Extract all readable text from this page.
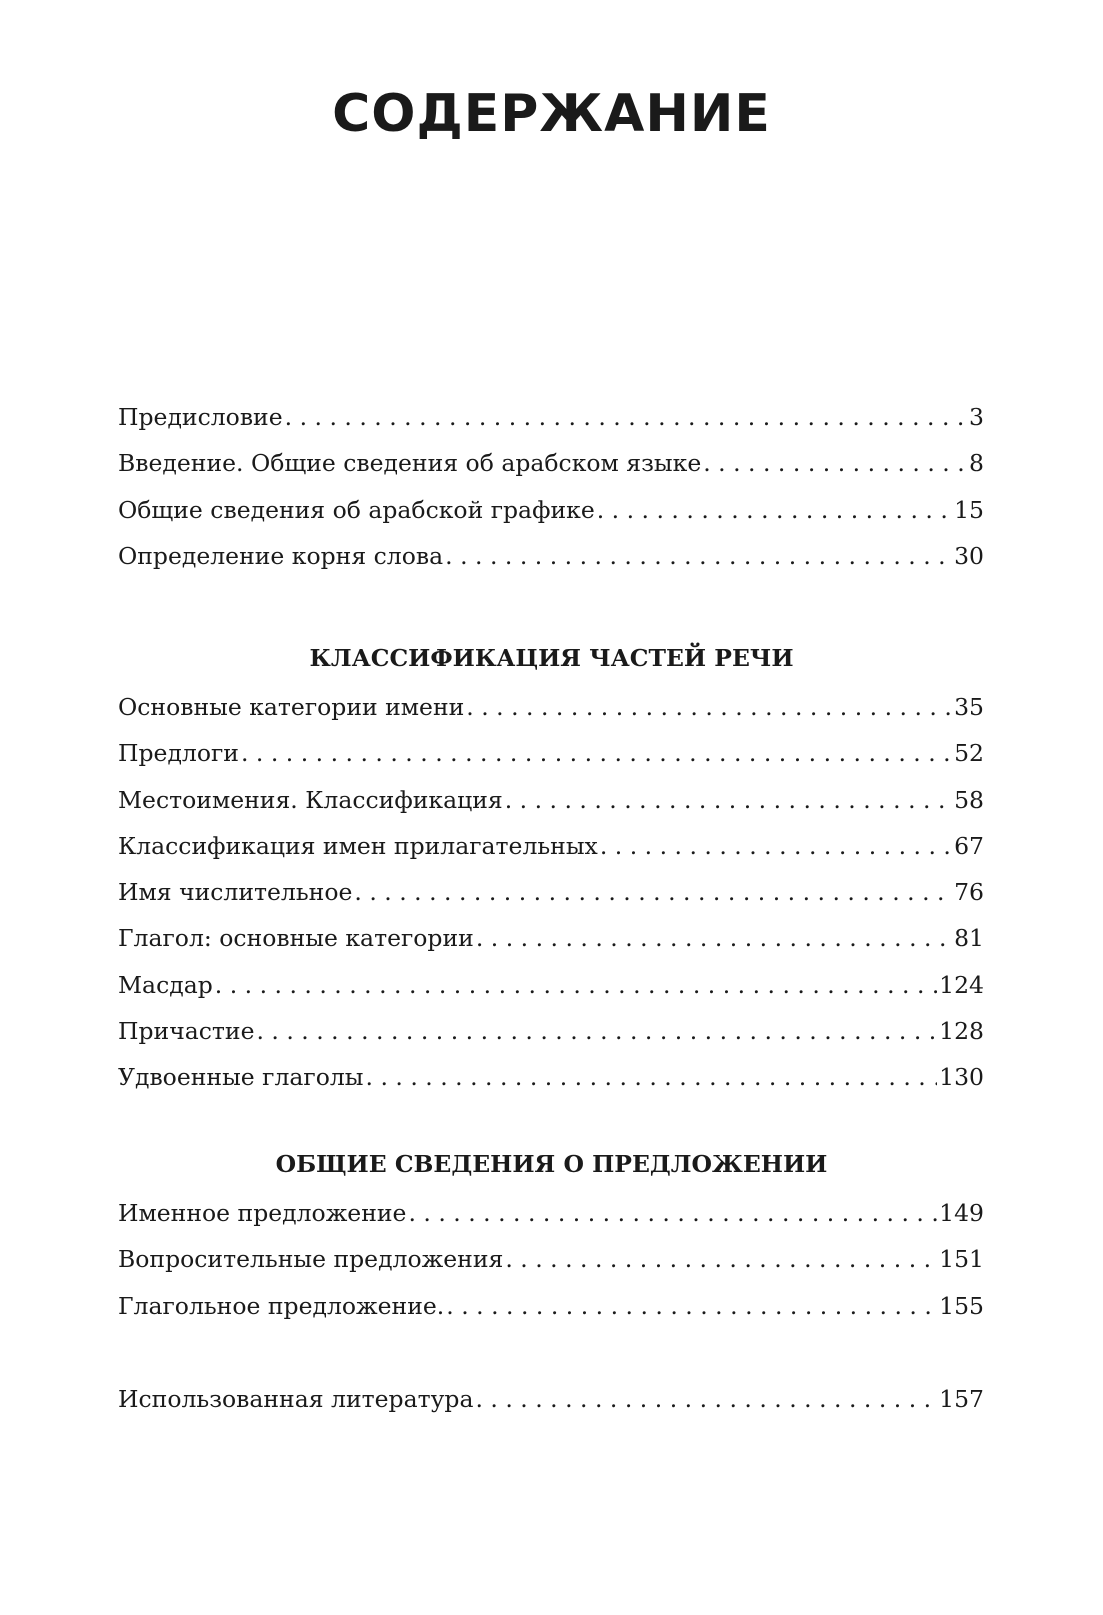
СОДЕРЖАНИЕ
Предисловие . . .	3
Введение. Общие сведения об арабском языке . . .	8
Общие сведения об арабской графике . . .	15
Определение корня слова . . .	30
КЛАССИФИКАЦИЯ ЧАСТЕЙ РЕЧИ
Основные категории имени . . .	35
Предлоги . . .	52
Местоимения. Классификация . . .	58
Классификация имен прилагательных . . .	67
Имя числительное . . .	76
Глагол: основные категории . . .	81
Масдар . . .	124
Причастие . . .	128
Удвоенные глаголы . . .	130
ОБЩИЕ СВЕДЕНИЯ О ПРЕДЛОЖЕНИИ
Именное предложение . . .	149
Вопросительные предложения . . .	151
Глагольное предложение. . . .	155
Использованная литература . . .	157
